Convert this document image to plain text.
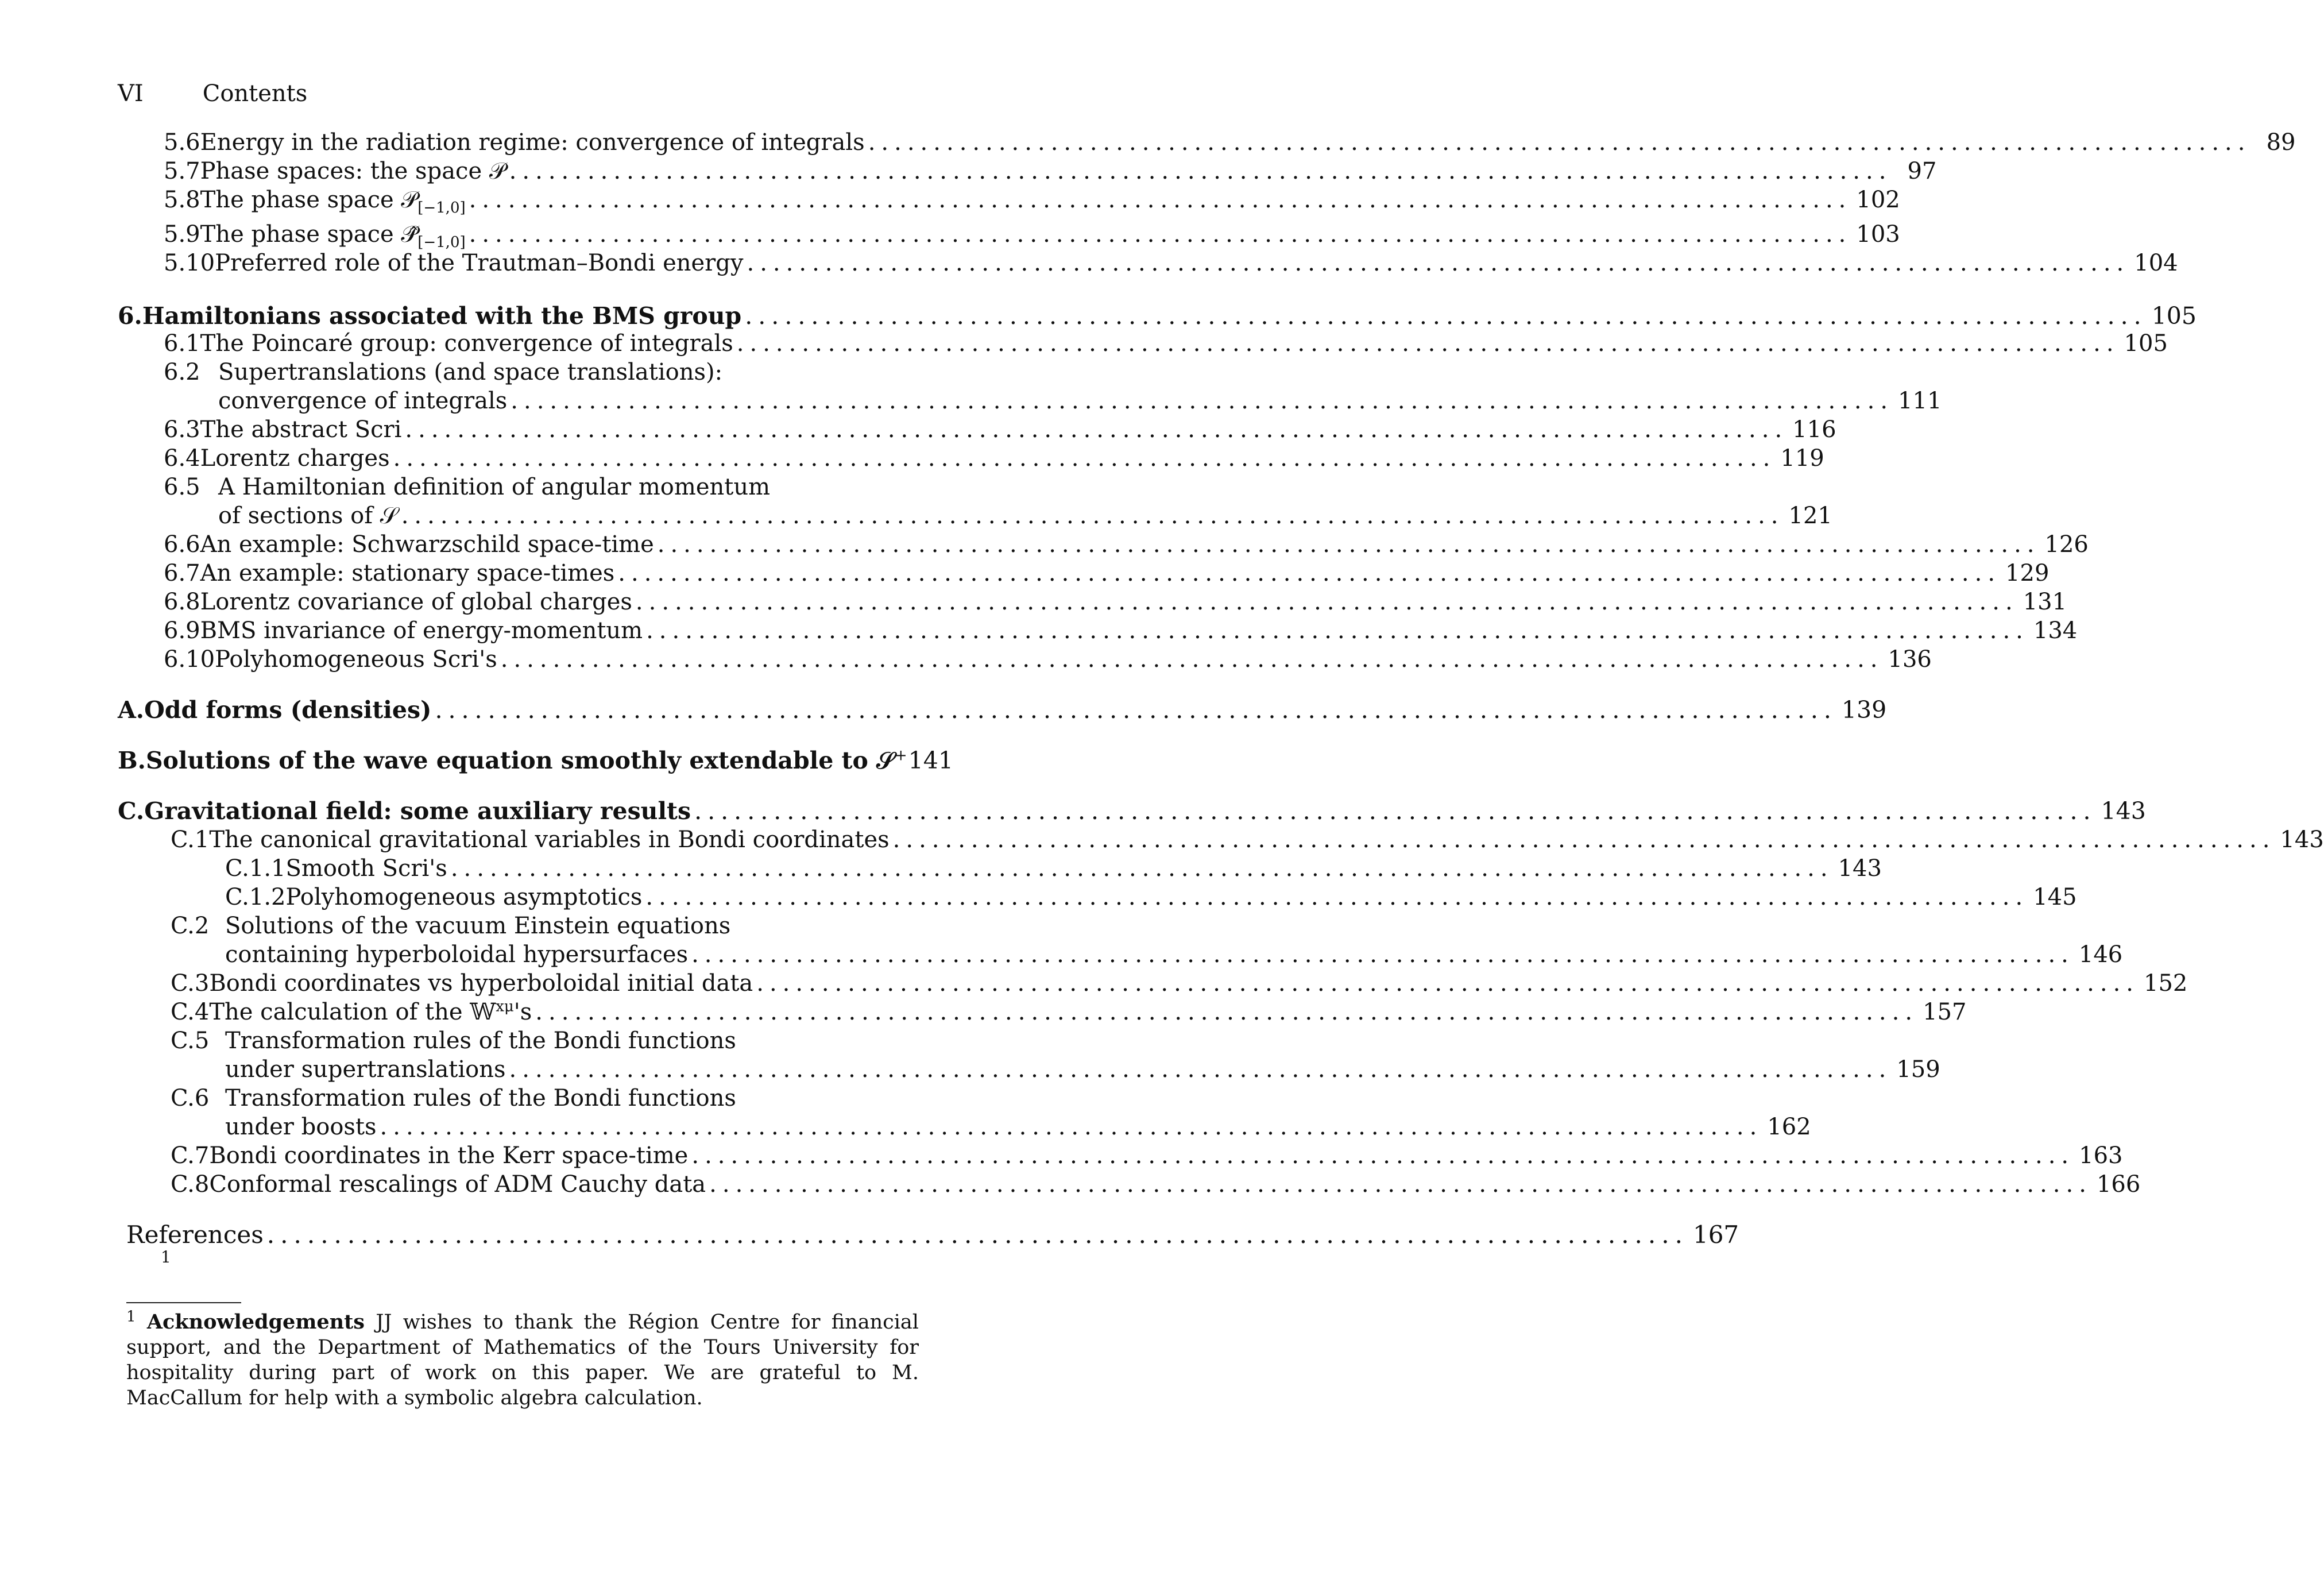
VI	Contents
5.6 Energy in the radiation regime: convergence of integrals .......................................................................................................... 89
5.7 Phase spaces: the space 𝒫 .......................................................................................................... 97
5.8 The phase space 𝒫$_{[-1,0]}$ .......................................................................................................... 102
5.9 The phase space $𝒫̂_{[-1,0]}$ .......................................................................................................... 103
5.10 Preferred role of the Trautman–Bondi energy .......................................................................................................... 104
6. Hamiltonians associated with the BMS group .......................................................................................................... 105
6.1 The Poincaré group: convergence of integrals .......................................................................................................... 105
6.2 Supertranslations (and space translations):
convergence of integrals .......................................................................................................... 111
6.3 The abstract Scri .......................................................................................................... 116
6.4 Lorentz charges .......................................................................................................... 119
6.5 A Hamiltonian definition of angular momentum
of sections of 𝒮 .......................................................................................................... 121
6.6 An example: Schwarzschild space-time .......................................................................................................... 126
6.7 An example: stationary space-times .......................................................................................................... 129
6.8 Lorentz covariance of global charges .......................................................................................................... 131
6.9 BMS invariance of energy-momentum .......................................................................................................... 134
6.10 Polyhomogeneous Scri's .......................................................................................................... 136
A. Odd forms (densities) .......................................................................................................... 139
B. Solutions of the wave equation smoothly extendable to 𝒮+ 141
C. Gravitational field: some auxiliary results .......................................................................................................... 143
C.1 The canonical gravitational variables in Bondi coordinates .......................................................................................................... 143
C.1.1 Smooth Scri's .......................................................................................................... 143
C.1.2 Polyhomogeneous asymptotics .......................................................................................................... 145
C.2 Solutions of the vacuum Einstein equations
containing hyperboloidal hypersurfaces .......................................................................................................... 146
C.3 Bondi coordinates vs hyperboloidal initial data .......................................................................................................... 152
C.4 The calculation of the 𝕎$^{x\mu}$'s .......................................................................................................... 157
C.5 Transformation rules of the Bondi functions
under supertranslations .......................................................................................................... 159
C.6 Transformation rules of the Bondi functions
under boosts .......................................................................................................... 162
C.7 Bondi coordinates in the Kerr space-time .......................................................................................................... 163
C.8 Conformal rescalings of ADM Cauchy data .......................................................................................................... 166
References .......................................................................................................... 167
1
$^1$ Acknowledgements JJ wishes to thank the Région Centre for financial support, and the Department of Mathematics of the Tours University for hospitality during part of work on this paper. We are grateful to M. MacCallum for help with a symbolic algebra calculation.
